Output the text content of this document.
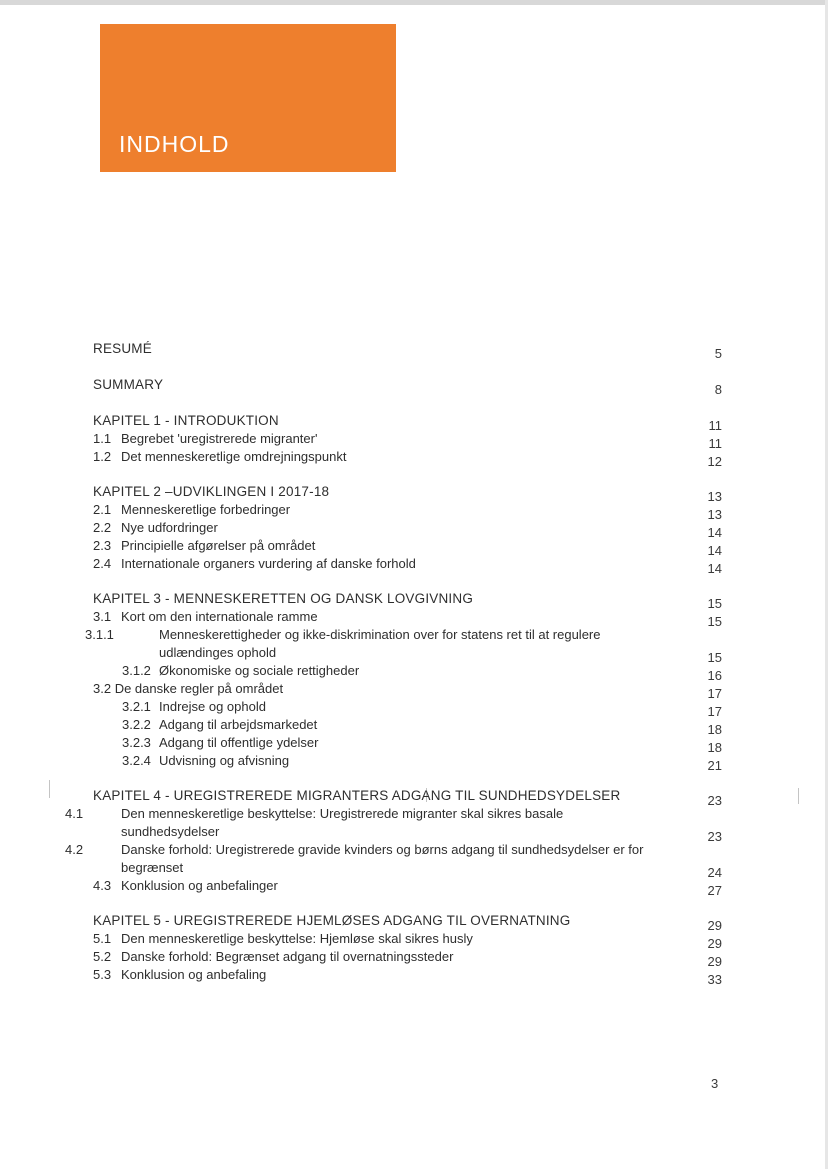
INDHOLD
RESUMÉ	5
SUMMARY	8
KAPITEL 1 - INTRODUKTION	11
1.1 Begrebet 'uregistrerede migranter'	11
1.2 Det menneskeretlige omdrejningspunkt	12
KAPITEL 2 –UDVIKLINGEN I 2017-18	13
2.1 Menneskeretlige forbedringer	13
2.2 Nye udfordringer	14
2.3 Principielle afgørelser på området	14
2.4 Internationale organers vurdering af danske forhold	14
KAPITEL 3 - MENNESKERETTEN OG DANSK LOVGIVNING	15
3.1 Kort om den internationale ramme	15
3.1.1	Menneskerettigheder og ikke-diskrimination over for statens ret til at regulere udlændinges ophold	15
3.1.2 Økonomiske og sociale rettigheder	16
3.2 De danske regler på området	17
3.2.1 Indrejse og ophold	17
3.2.2 Adgang til arbejdsmarkedet	18
3.2.3 Adgang til offentlige ydelser	18
3.2.4 Udvisning og afvisning	21
KAPITEL 4 - UREGISTREREDE MIGRANTERS ADGANG TIL SUNDHEDSYDELSER	23
4.1	Den menneskeretlige beskyttelse: Uregistrerede migranter skal sikres basale sundhedsydelser	23
4.2	Danske forhold: Uregistrerede gravide kvinders og børns adgang til sundhedsydelser er for begrænset	24
4.3 Konklusion og anbefalinger	27
KAPITEL 5 - UREGISTREREDE HJEMLØSES ADGANG TIL OVERNATNING	29
5.1 Den menneskeretlige beskyttelse: Hjemløse skal sikres husly	29
5.2 Danske forhold: Begrænset adgang til overnatningssteder	29
5.3 Konklusion og anbefaling	33
3
